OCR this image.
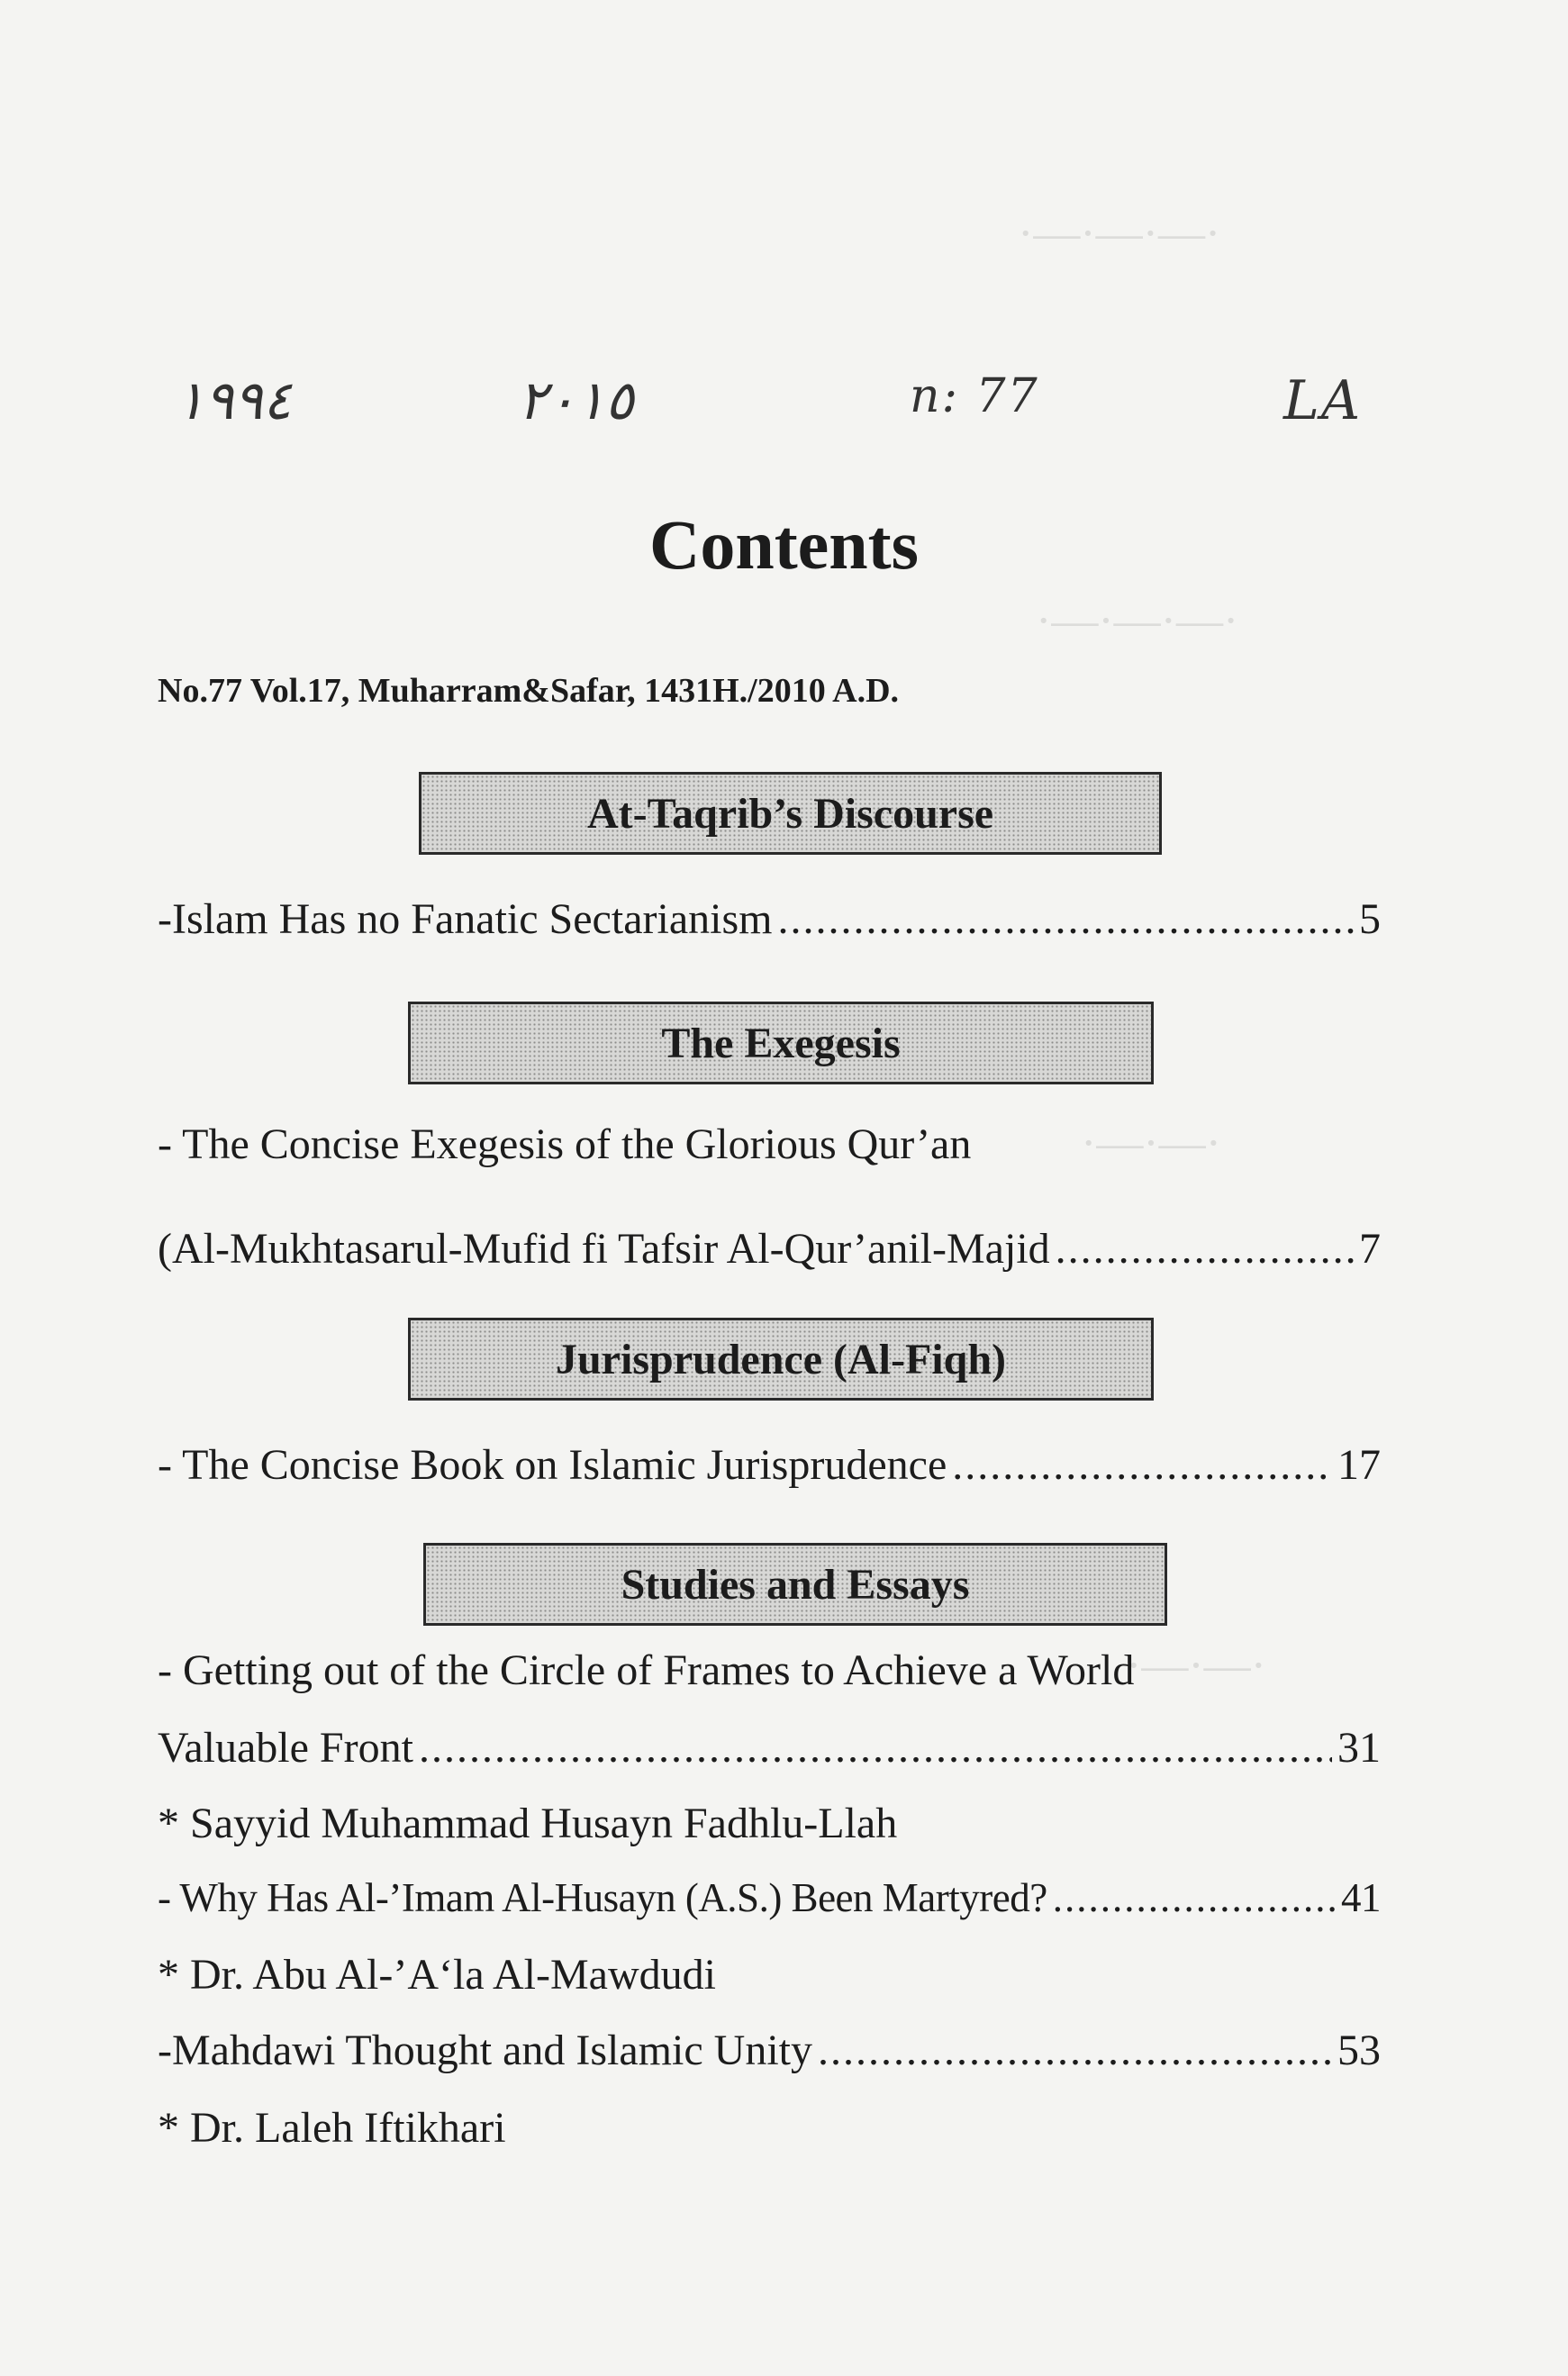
·—·—·—·
·—·—·—·
·—·—·
·—·—·
١٩٩٤	٢٠١٥	n: 77	LA
Contents

No.77 Vol.17, Muharram&Safar, 1431H./2010 A.D.

At-Taqrib’s Discourse
-Islam Has no Fanatic Sectarianism .....	5
The Exegesis

- The Concise Exegesis of the Glorious Qur’an

(Al-Mukhtasarul-Mufid fi Tafsir Al-Qur’anil-Majid .....	7
Jurisprudence (Al-Fiqh)
- The Concise Book on Islamic Jurisprudence .....	17
Studies and Essays

- Getting out of the Circle of Frames to Achieve a World

Valuable Front .....	31

* Sayyid Muhammad Husayn Fadhlu-Llah

- Why Has Al-’Imam Al-Husayn (A.S.) Been Martyred? .....	41

* Dr. Abu Al-’A‘la Al-Mawdudi

-Mahdawi Thought and Islamic Unity .....	53

* Dr. Laleh Iftikhari
